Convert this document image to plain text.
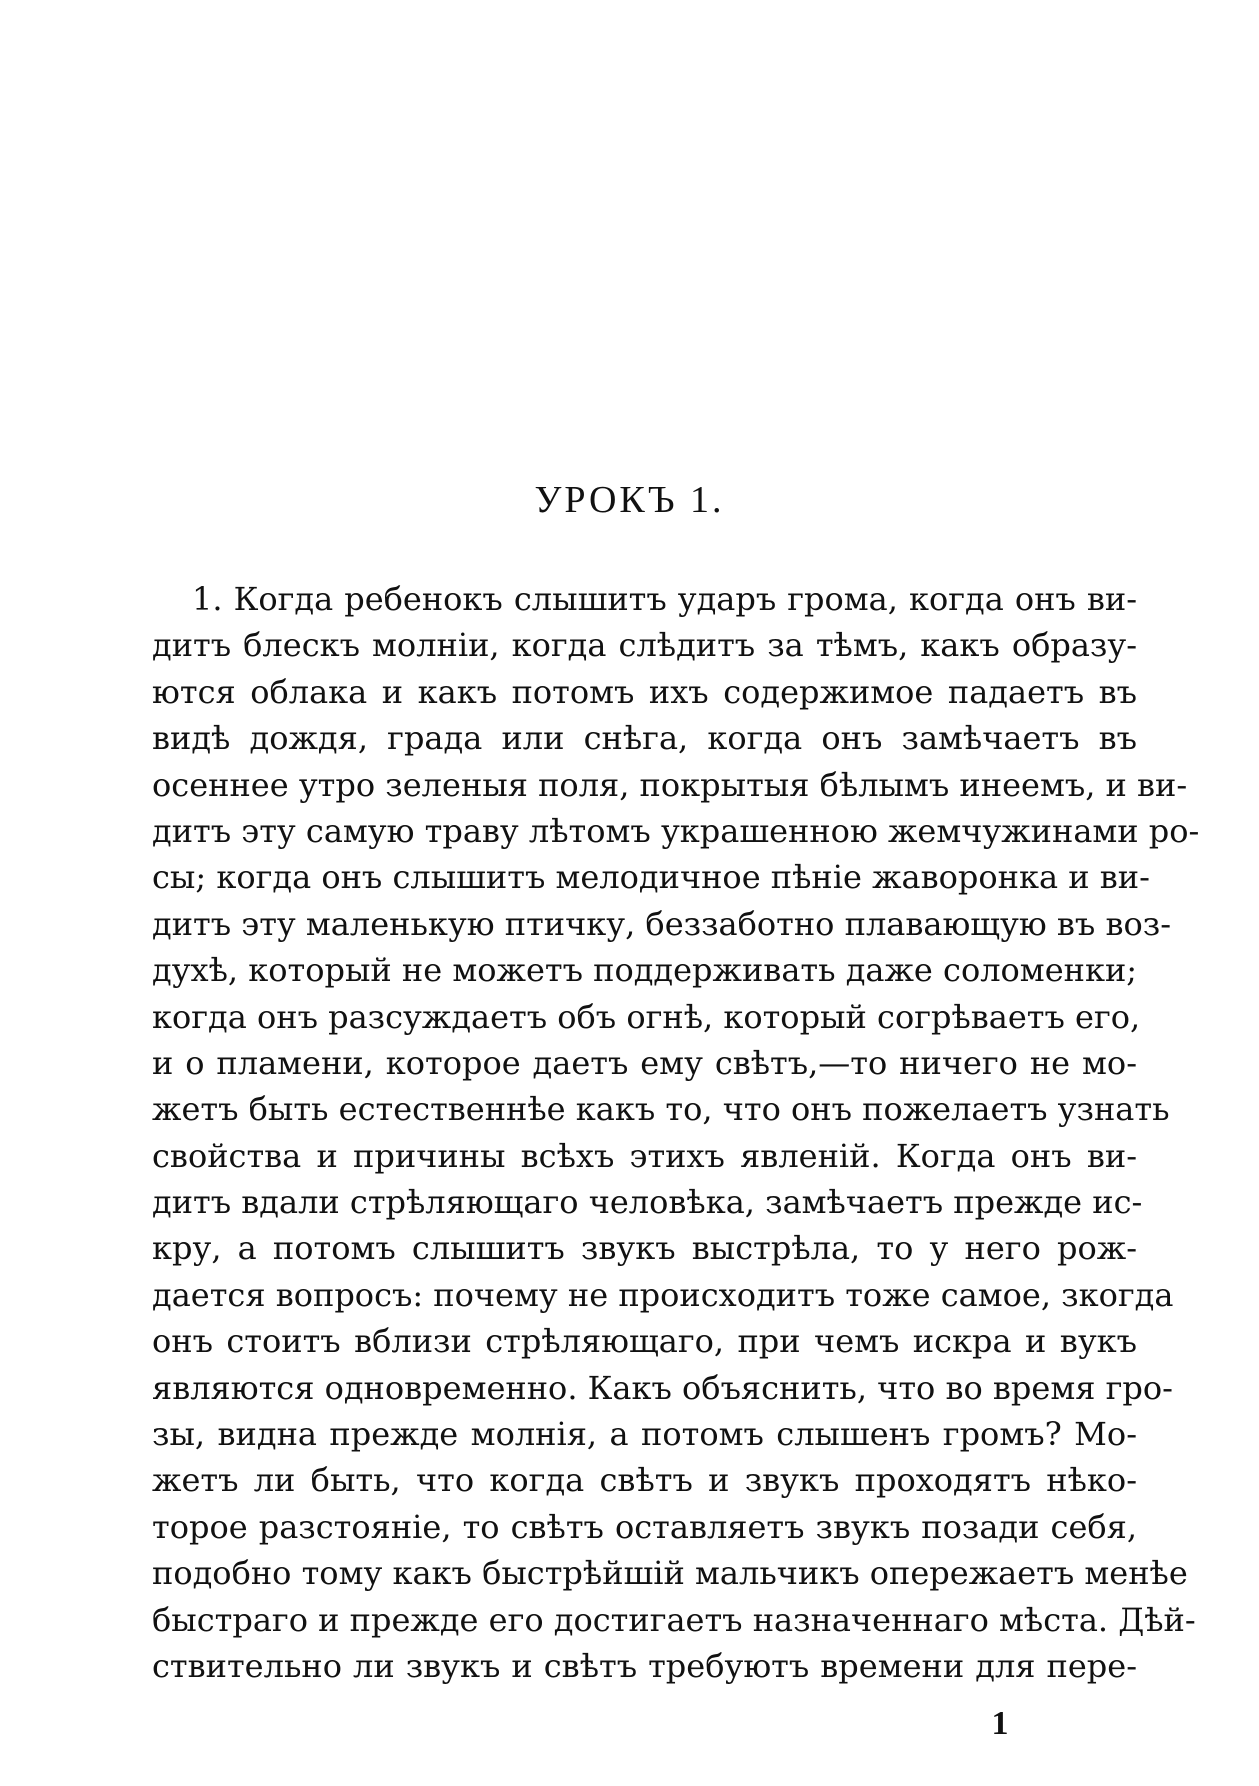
УРОКЪ 1.
1. Когда ребенокъ слышитъ ударъ грома, когда онъ ви-
дитъ блескъ молніи, когда слѣдитъ за тѣмъ, какъ образу-
ются облака и какъ потомъ ихъ содержимое падаетъ въ
видѣ дождя, града или снѣга, когда онъ замѣчаетъ въ
осеннее утро зеленыя поля, покрытыя бѣлымъ инеемъ, и ви-
дитъ эту самую траву лѣтомъ украшенною жемчужинами ро-
сы; когда онъ слышитъ мелодичное пѣніе жаворонка и ви-
дитъ эту маленькую птичку, беззаботно плавающую въ воз-
духѣ, который не можетъ поддерживать даже соломенки;
когда онъ разсуждаетъ объ огнѣ, который согрѣваетъ его,
и о пламени, которое даетъ ему свѣтъ,—то ничего не мо-
жетъ быть естественнѣе какъ то, что онъ пожелаетъ узнать
свойства и причины всѣхъ этихъ явленій. Когда онъ ви-
дитъ вдали стрѣляющаго человѣка, замѣчаетъ прежде ис-
кру, а потомъ слышитъ звукъ выстрѣла, то у него рож-
дается вопросъ: почему не происходитъ тоже самое, зкогда
онъ стоитъ вблизи стрѣляющаго, при чемъ искра и вукъ
являются одновременно. Какъ объяснить, что во время гро-
зы, видна прежде молнія, а потомъ слышенъ громъ? Мо-
жетъ ли быть, что когда свѣтъ и звукъ проходятъ нѣко-
торое разстояніе, то свѣтъ оставляетъ звукъ позади себя,
подобно тому какъ быстрѣйшій мальчикъ опережаетъ менѣе
быстраго и прежде его достигаетъ назначеннаго мѣста. Дѣй-
ствительно ли звукъ и свѣтъ требуютъ времени для пере-
1
